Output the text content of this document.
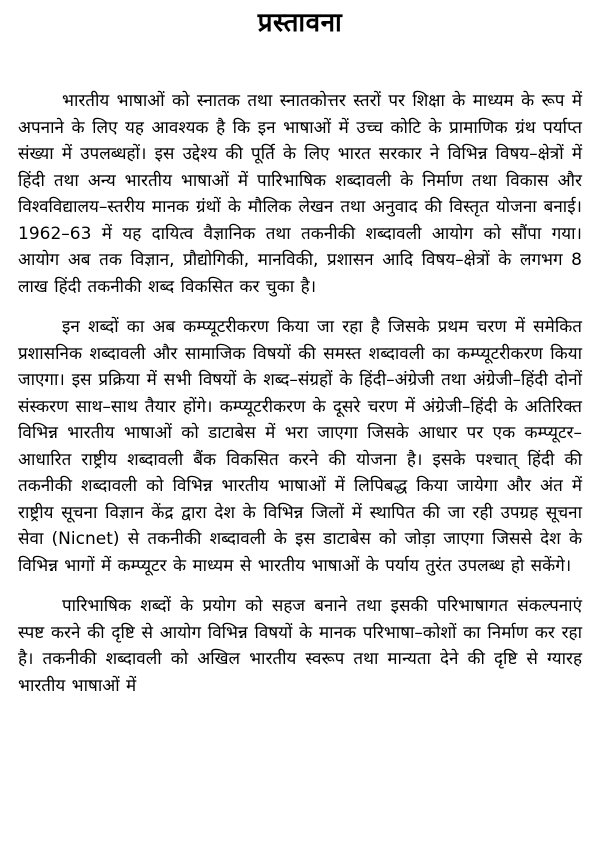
प्रस्तावना

भारतीय भाषाओं को स्नातक तथा स्नातकोत्तर स्तरों पर शिक्षा के माध्यम के रूप में अपनाने के लिए यह आवश्यक है कि इन भाषाओं में उच्च कोटि के प्रामाणिक ग्रंथ पर्याप्त संख्या में उपलब्धहों। इस उद्देश्य की पूर्ति के लिए भारत सरकार ने विभिन्न विषय–क्षेत्रों में हिंदी तथा अन्य भारतीय भाषाओं में पारिभाषिक शब्दावली के निर्माण तथा विकास और विश्वविद्यालय–स्तरीय मानक ग्रंथों के मौलिक लेखन तथा अनुवाद की विस्तृत योजना बनाई। 1962–63 में यह दायित्व वैज्ञानिक तथा तकनीकी शब्दावली आयोग को सौंपा गया। आयोग अब तक विज्ञान, प्रौद्योगिकी, मानविकी, प्रशासन आदि विषय–क्षेत्रों के लगभग 8 लाख हिंदी तकनीकी शब्द विकसित कर चुका है।

इन शब्दों का अब कम्प्यूटरीकरण किया जा रहा है जिसके प्रथम चरण में समेकित प्रशासनिक शब्दावली और सामाजिक विषयों की समस्त शब्दावली का कम्प्यूटरीकरण किया जाएगा। इस प्रक्रिया में सभी विषयों के शब्द–संग्रहों के हिंदी–अंग्रेजी तथा अंग्रेजी–हिंदी दोनों संस्करण साथ–साथ तैयार होंगे। कम्प्यूटरीकरण के दूसरे चरण में अंग्रेजी–हिंदी के अतिरिक्त विभिन्न भारतीय भाषाओं को डाटाबेस में भरा जाएगा जिसके आधार पर एक कम्प्यूटर–आधारित राष्ट्रीय शब्दावली बैंक विकसित करने की योजना है। इसके पश्चात् हिंदी की तकनीकी शब्दावली को विभिन्न भारतीय भाषाओं में लिपिबद्ध किया जायेगा और अंत में राष्ट्रीय सूचना विज्ञान केंद्र द्वारा देश के विभिन्न जिलों में स्थापित की जा रही उपग्रह सूचना सेवा (Nicnet) से तकनीकी शब्दावली के इस डाटाबेस को जोड़ा जाएगा जिससे देश के विभिन्न भागों में कम्प्यूटर के माध्यम से भारतीय भाषाओं के पर्याय तुरंत उपलब्ध हो सकेंगे।

पारिभाषिक शब्दों के प्रयोग को सहज बनाने तथा इसकी परिभाषागत संकल्पनाएं स्पष्ट करने की दृष्टि से आयोग विभिन्न विषयों के मानक परिभाषा–कोशों का निर्माण कर रहा है। तकनीकी शब्दावली को अखिल भारतीय स्वरूप तथा मान्यता देने की दृष्टि से ग्यारह भारतीय भाषाओं में
